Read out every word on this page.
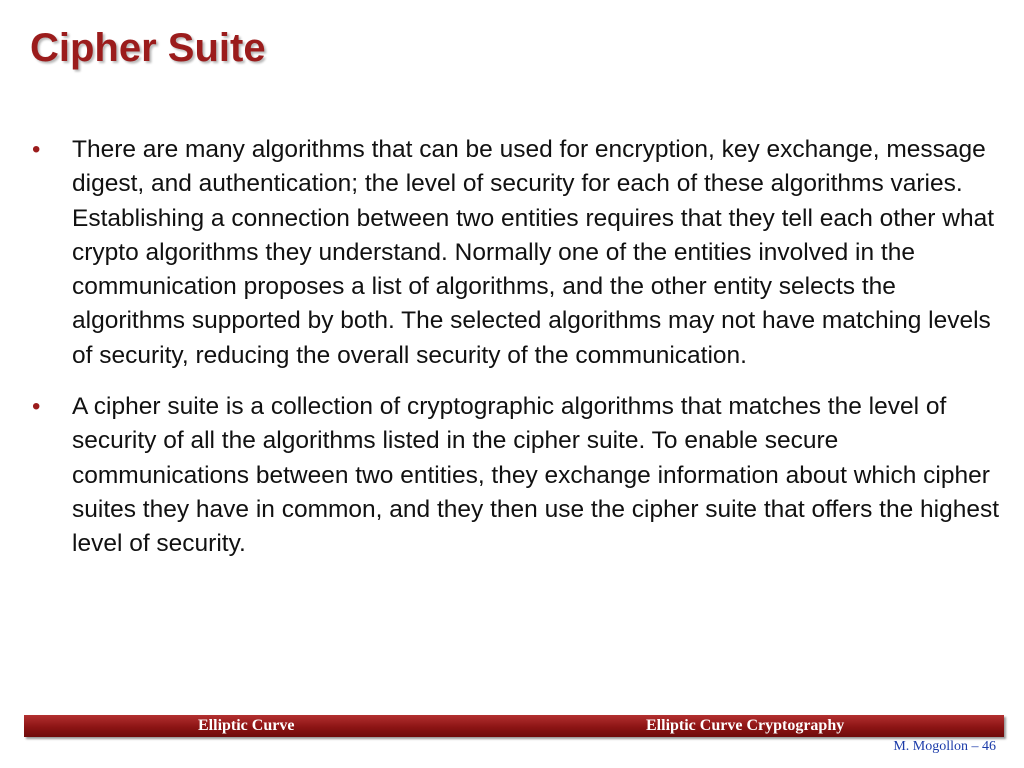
Cipher Suite
• There are many algorithms that can be used for encryption, key exchange, message digest, and authentication; the level of security for each of these algorithms varies. Establishing a connection between two entities requires that they tell each other what crypto algorithms they understand. Normally one of the entities involved in the communication proposes a list of algorithms, and the other entity selects the algorithms supported by both. The selected algorithms may not have matching levels of security, reducing the overall security of the communication.
• A cipher suite is a collection of cryptographic algorithms that matches the level of security of all the algorithms listed in the cipher suite. To enable secure communications between two entities, they exchange information about which cipher suites they have in common, and they then use the cipher suite that offers the highest level of security.
Elliptic Curve	Elliptic Curve Cryptography
M. Mogollon – 46
